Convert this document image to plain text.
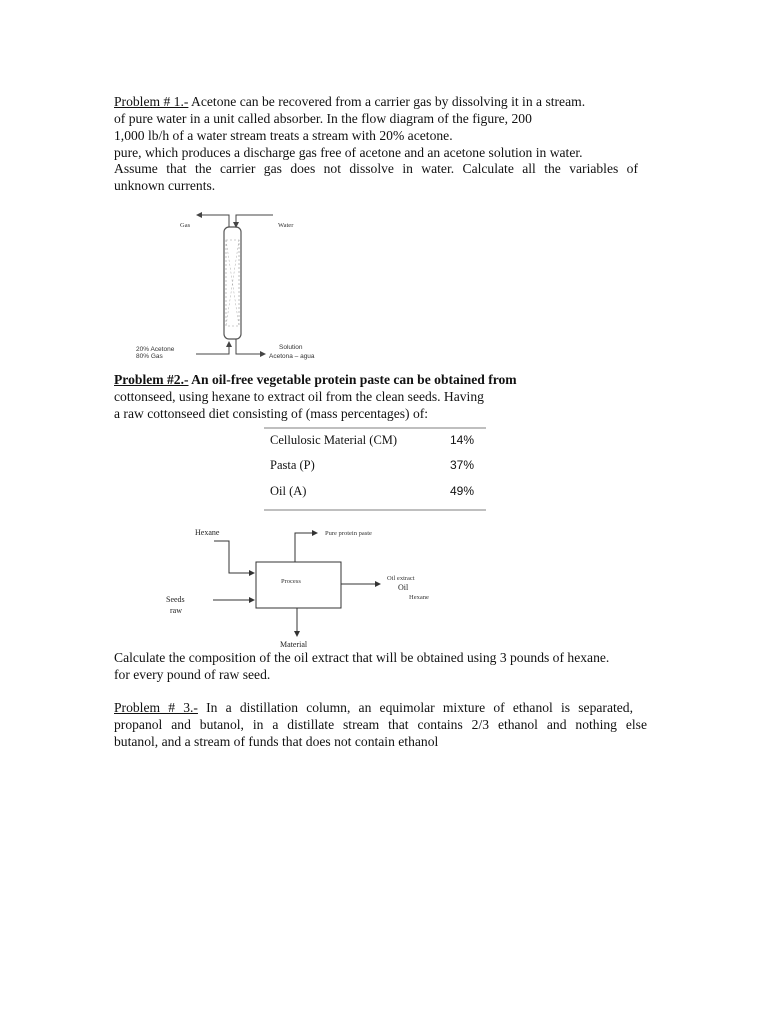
Problem # 1.- Acetone can be recovered from a carrier gas by dissolving it in a stream.
of pure water in a unit called absorber. In the flow diagram of the figure, 200
1,000 lb/h of a water stream treats a stream with 20% acetone.
pure, which produces a discharge gas free of acetone and an acetone solution in water.
Assume that the carrier gas does not dissolve in water. Calculate all the variables of
unknown currents.
Gas	Water
20% Acetone
80% Gas
Solution
Acetona – agua
Problem #2.- An oil-free vegetable protein paste can be obtained from
cottonseed, using hexane to extract oil from the clean seeds. Having
a raw cottonseed diet consisting of (mass percentages) of:
Cellulosic Material (CM)	14%
Pasta (P)	37%
Oil (A)	49%
Hexane	Pure protein paste
Process	Oil extract
Oil
Hexane
Seeds
raw
Material
Calculate the composition of the oil extract that will be obtained using 3 pounds of hexane.
for every pound of raw seed.
Problem # 3.- In a distillation column, an equimolar mixture of ethanol is separated,
propanol and butanol, in a distillate stream that contains 2/3 ethanol and nothing else
butanol, and a stream of funds that does not contain ethanol
